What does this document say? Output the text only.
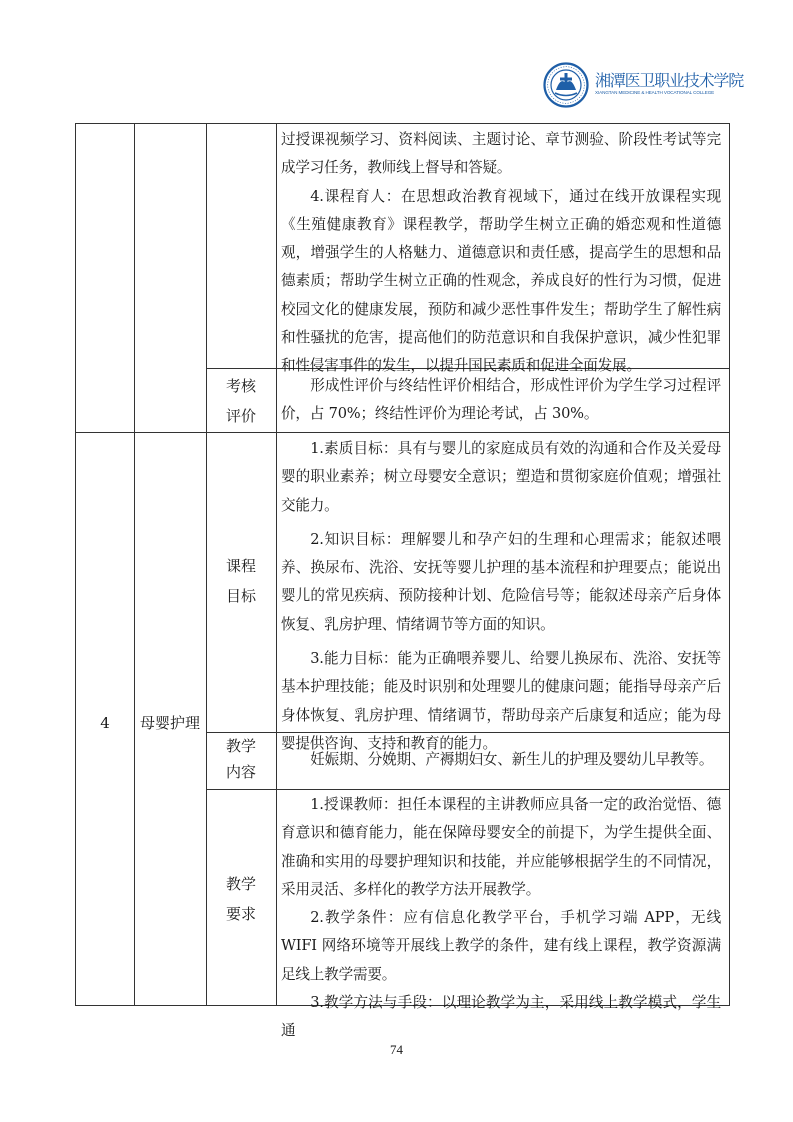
湘潭医卫职业技术学院
XIANGTAN MEDICINE & HEALTH VOCATIONAL COLLEGE

过授课视频学习、资料阅读、主题讨论、章节测验、阶段性考试等完成学习任务，教师线上督导和答疑。

4.课程育人：在思想政治教育视域下，通过在线开放课程实现《生殖健康教育》课程教学，帮助学生树立正确的婚恋观和性道德观，增强学生的人格魅力、道德意识和责任感，提高学生的思想和品德素质；帮助学生树立正确的性观念，养成良好的性行为习惯，促进校园文化的健康发展，预防和减少恶性事件发生；帮助学生了解性病和性骚扰的危害，提高他们的防范意识和自我保护意识，减少性犯罪和性侵害事件的发生，以提升国民素质和促进全面发展。

考核评价
形成性评价与终结性评价相结合，形成性评价为学生学习过程评价，占 70%；终结性评价为理论考试，占 30%。
4	母婴护理
课程目标

1.素质目标：具有与婴儿的家庭成员有效的沟通和合作及关爱母婴的职业素养；树立母婴安全意识；塑造和贯彻家庭价值观；增强社交能力。

2.知识目标：理解婴儿和孕产妇的生理和心理需求；能叙述喂养、换尿布、洗浴、安抚等婴儿护理的基本流程和护理要点；能说出婴儿的常见疾病、预防接种计划、危险信号等；能叙述母亲产后身体恢复、乳房护理、情绪调节等方面的知识。

3.能力目标：能为正确喂养婴儿、给婴儿换尿布、洗浴、安抚等基本护理技能；能及时识别和处理婴儿的健康问题；能指导母亲产后身体恢复、乳房护理、情绪调节，帮助母亲产后康复和适应；能为母婴提供咨询、支持和教育的能力。

教学内容
妊娠期、分娩期、产褥期妇女、新生儿的护理及婴幼儿早教等。
教学要求

1.授课教师：担任本课程的主讲教师应具备一定的政治觉悟、德育意识和德育能力，能在保障母婴安全的前提下，为学生提供全面、准确和实用的母婴护理知识和技能，并应能够根据学生的不同情况，采用灵活、多样化的教学方法开展教学。

2.教学条件：应有信息化教学平台，手机学习端 APP，无线 WIFI 网络环境等开展线上教学的条件，建有线上课程，教学资源满足线上教学需要。

3.教学方法与手段：以理论教学为主，采用线上教学模式，学生通

74
